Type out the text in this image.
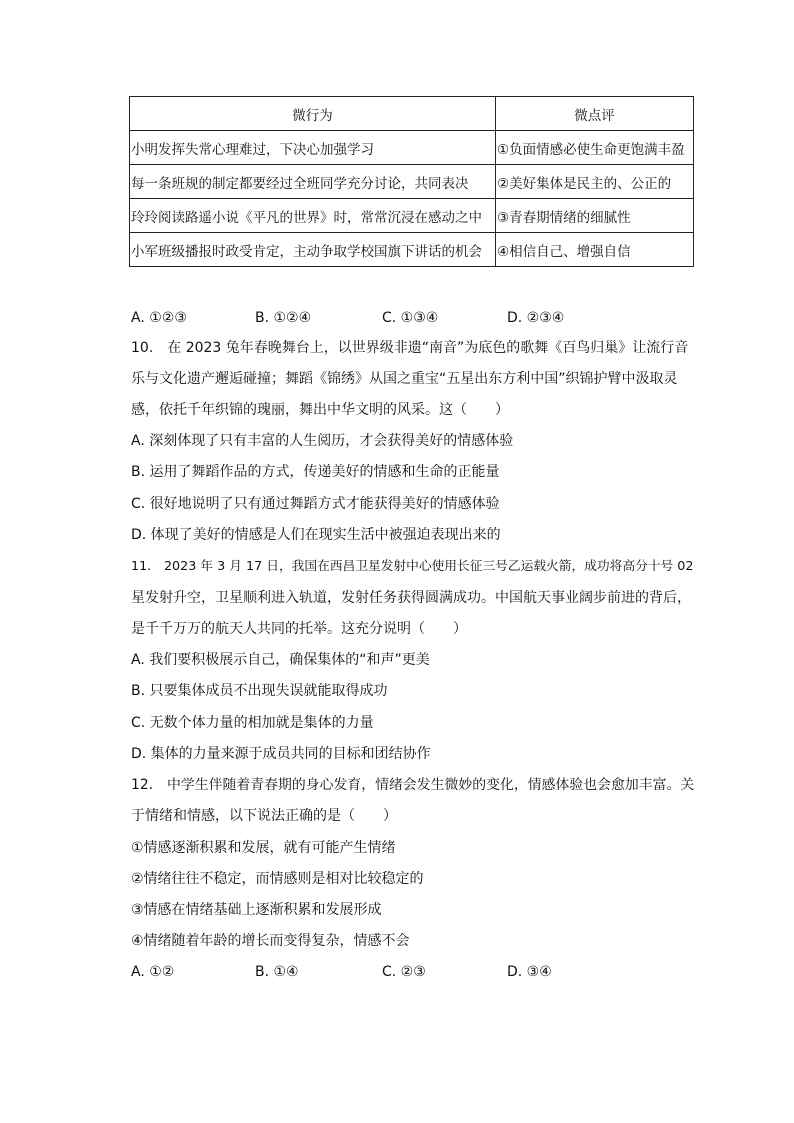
微行为	微点评
小明发挥失常心理难过，下决心加强学习	①负面情感必使生命更饱满丰盈
每一条班规的制定都要经过全班同学充分讨论，共同表决	②美好集体是民主的、公正的
玲玲阅读路遥小说《平凡的世界》时，常常沉浸在感动之中	③青春期情绪的细腻性
小军班级播报时政受肯定，主动争取学校国旗下讲话的机会	④相信自己、增强自信
A. ①②③	B. ①②④	C. ①③④	D. ②③④
10.　在 2023 兔年春晚舞台上，以世界级非遗“南音”为底色的歌舞《百鸟归巢》让流行音
乐与文化遗产邂逅碰撞；舞蹈《锦绣》从国之重宝“五星出东方利中国”织锦护臂中汲取灵
感，依托千年织锦的瑰丽，舞出中华文明的风采。这（　　）
A. 深刻体现了只有丰富的人生阅历，才会获得美好的情感体验
B. 运用了舞蹈作品的方式，传递美好的情感和生命的正能量
C. 很好地说明了只有通过舞蹈方式才能获得美好的情感体验
D. 体现了美好的情感是人们在现实生活中被强迫表现出来的
11.　2023 年 3 月 17 日，我国在西昌卫星发射中心使用长征三号乙运载火箭，成功将高分十号 02
星发射升空，卫星顺利进入轨道，发射任务获得圆满成功。中国航天事业阔步前进的背后，
是千千万万的航天人共同的托举。这充分说明（　　）
A. 我们要积极展示自己，确保集体的“和声”更美
B. 只要集体成员不出现失误就能取得成功
C. 无数个体力量的相加就是集体的力量
D. 集体的力量来源于成员共同的目标和团结协作
12.　中学生伴随着青春期的身心发育，情绪会发生微妙的变化，情感体验也会愈加丰富。关
于情绪和情感，以下说法正确的是（　　）
①情感逐渐积累和发展，就有可能产生情绪
②情绪往往不稳定，而情感则是相对比较稳定的
③情感在情绪基础上逐渐积累和发展形成
④情绪随着年龄的增长而变得复杂，情感不会
A. ①②	B. ①④	C. ②③	D. ③④
